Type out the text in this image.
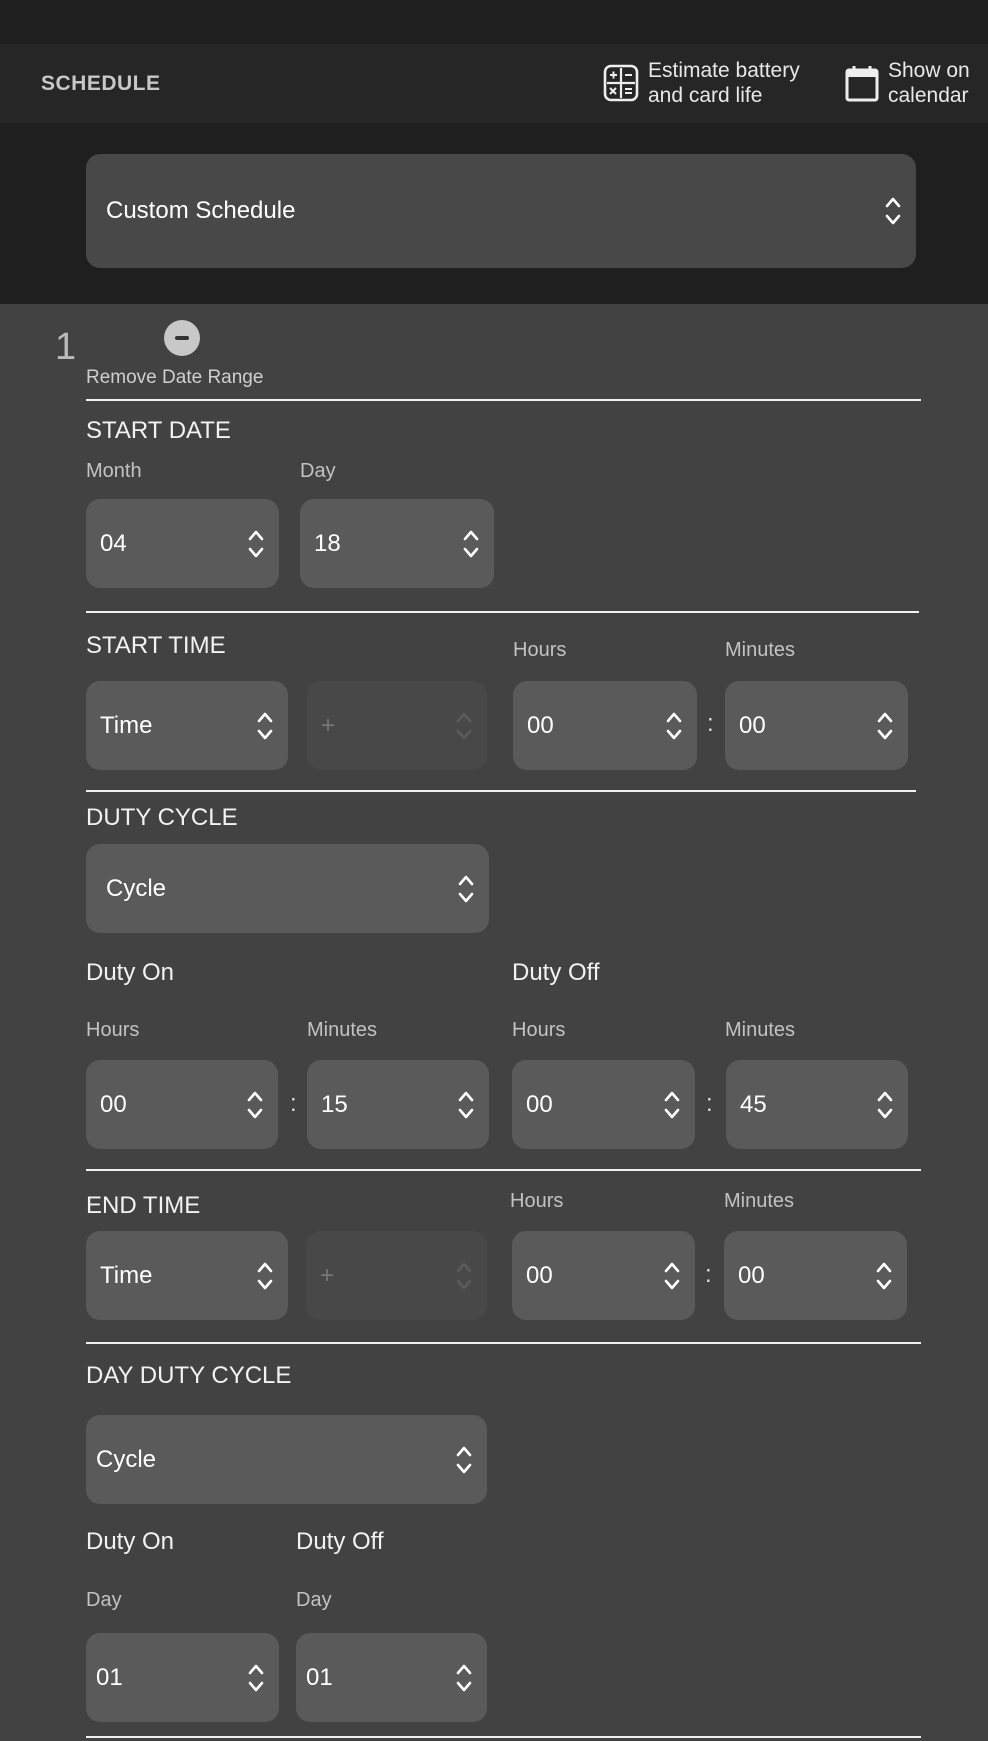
SCHEDULE
Estimate battery
and card life
Show on
calendar
Custom Schedule
1
Remove Date Range
START DATE
Month	Day
04	18
START TIME	Hours	Minutes
Time	+	00	: 00
DUTY CYCLE
Cycle
Duty On	Duty Off
Hours	Minutes	Hours	Minutes
00	: 15	00	: 45
END TIME	Hours	Minutes
Time	+	00	: 00
DAY DUTY CYCLE
Cycle
Duty On	Duty Off
Day	Day
01	01
